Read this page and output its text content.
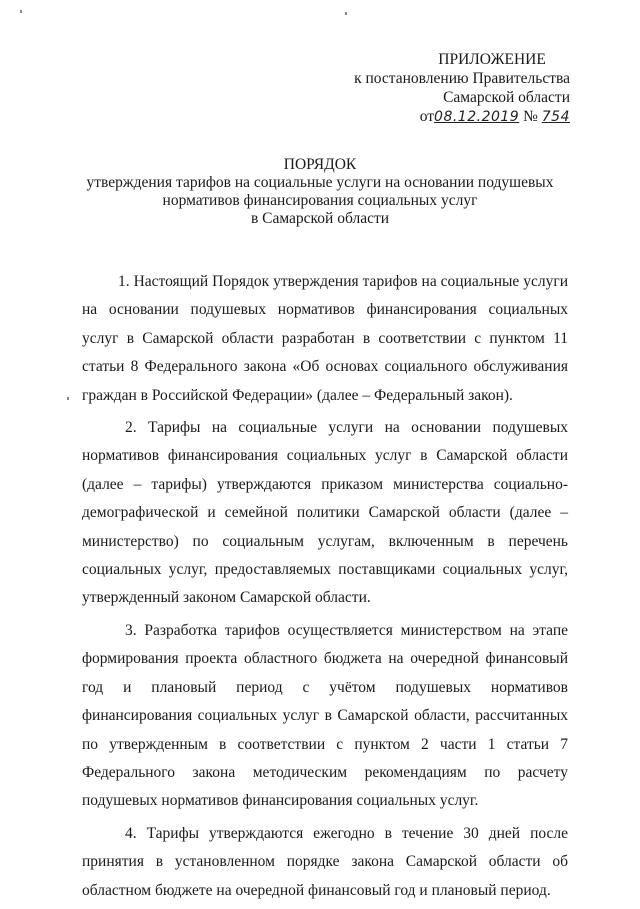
ПРИЛОЖЕНИЕ
к постановлению Правительства
Самарской области
от08.12.2019 № 754
ПОРЯДОК
утверждения тарифов на социальные услуги на основании подушевых
нормативов финансирования социальных услуг
в Самарской области

1. Настоящий Порядок утверждения тарифов на социальные услуги на основании подушевых нормативов финансирования социальных услуг в Самарской области разработан в соответствии с пунктом 11 статьи 8 Федерального закона «Об основах социального обслуживания граждан в Российской Федерации» (далее – Федеральный закон).

2. Тарифы на социальные услуги на основании подушевых нормативов финансирования социальных услуг в Самарской области (далее – тарифы) утверждаются приказом министерства социально-демографической и семейной политики Самарской области (далее – министерство) по социальным услугам, включенным в перечень социальных услуг, предоставляемых поставщиками социальных услуг, утвержденный законом Самарской области.

3. Разработка тарифов осуществляется министерством на этапе формирования проекта областного бюджета на очередной финансовый год и плановый период с учётом подушевых нормативов финансирования социальных услуг в Самарской области, рассчитанных по утвержденным в соответствии с пунктом 2 части 1 статьи 7 Федерального закона методическим рекомендациям по расчету подушевых нормативов финансирования социальных услуг.

4. Тарифы утверждаются ежегодно в течение 30 дней после принятия в установленном порядке закона Самарской области об областном бюджете на очередной финансовый год и плановый период.
